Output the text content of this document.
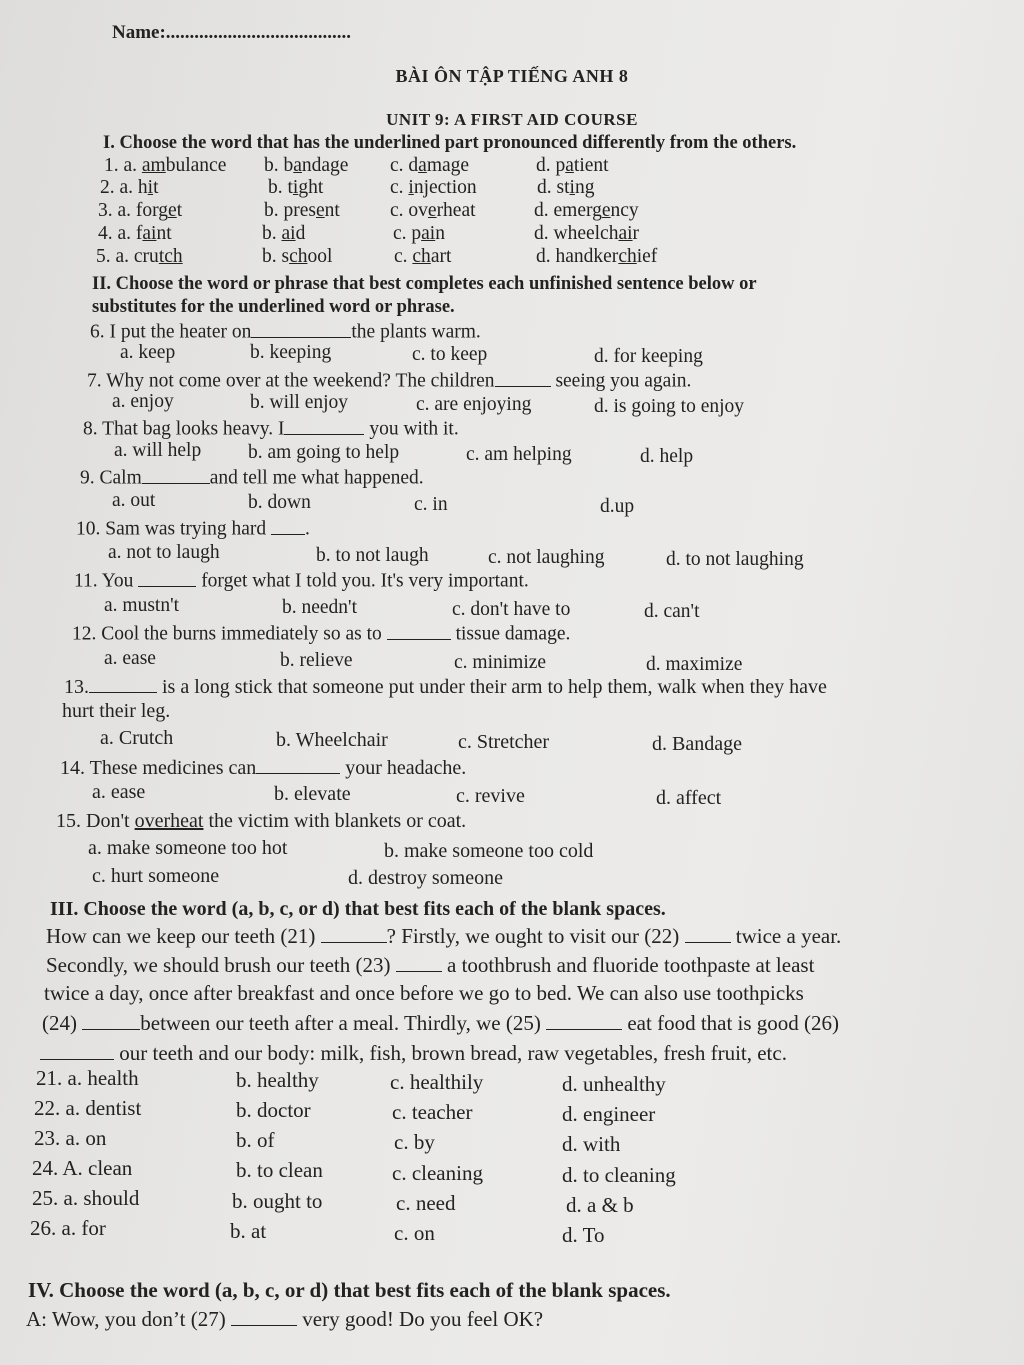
Name:.......................................
BÀI ÔN TẬP TIẾNG ANH 8
UNIT 9: A FIRST AID COURSE
I. Choose the word that has the underlined part pronounced differently from the others.
1. a. ambulance b. bandage c. damage	d. patient
2. a. hit	b. tight	c. injection	d. sting
3. a. forget	b. present	c. overheat	d. emergency
4. a. faint	b. aid	c. pain	d. wheelchair
5. a. crutch	b. school	c. chart	d. handkerchief
II. Choose the word or phrase that best completes each unfinished sentence below or
substitutes for the underlined word or phrase.
6. I put the heater on	the plants warm.
a. keep	b. keeping	c. to keep	d. for keeping
7. Why not come over at the weekend? The children	seeing you again.
a. enjoy	b. will enjoy	c. are enjoying	d. is going to enjoy
8. That bag looks heavy. I	you with it.
a. will help b. am going to help	c. am helping	d. help
9. Calm	and tell me what happened.
a. out	b. down	c. in	d.up
10. Sam was trying hard .
a. not to laugh	b. to not laugh	c. not laughing	d. to not laughing
11. You	forget what I told you. It's very important.
a. mustn't	b. needn't	c. don't have to	d. can't
12. Cool the burns immediately so as to	tissue damage.
a. ease	b. relieve	c. minimize	d. maximize
13.	is a long stick that someone put under their arm to help them, walk when they have
hurt their leg.
a. Crutch	b. Wheelchair	c. Stretcher	d. Bandage
14. These medicines can	your headache.
a. ease	b. elevate	c. revive	d. affect
15. Don't overheat the victim with blankets or coat.
a. make someone too hot	b. make someone too cold
c. hurt someone	d. destroy someone
III. Choose the word (a, b, c, or d) that best fits each of the blank spaces.
How can we keep our teeth (21)	? Firstly, we ought to visit our (22)  twice a year.
Secondly, we should brush our teeth (23)  a toothbrush and fluoride toothpaste at least
twice a day, once after breakfast and once before we go to bed. We can also use toothpicks
(24)	between our teeth after a meal. Thirdly, we (25)	eat food that is good (26)
our teeth and our body: milk, fish, brown bread, raw vegetables, fresh fruit, etc.
21. a. health	b. healthy	c. healthily	d. unhealthy
22. a. dentist	b. doctor	c. teacher	d. engineer
23. a. on	b. of	c. by	d. with
24. A. clean	b. to clean	c. cleaning	d. to cleaning
25. a. should	b. ought to	c. need	d. a & b
26. a. for	b. at	c. on	d. To
IV. Choose the word (a, b, c, or d) that best fits each of the blank spaces.
A: Wow, you don’t (27)	very good! Do you feel OK?
